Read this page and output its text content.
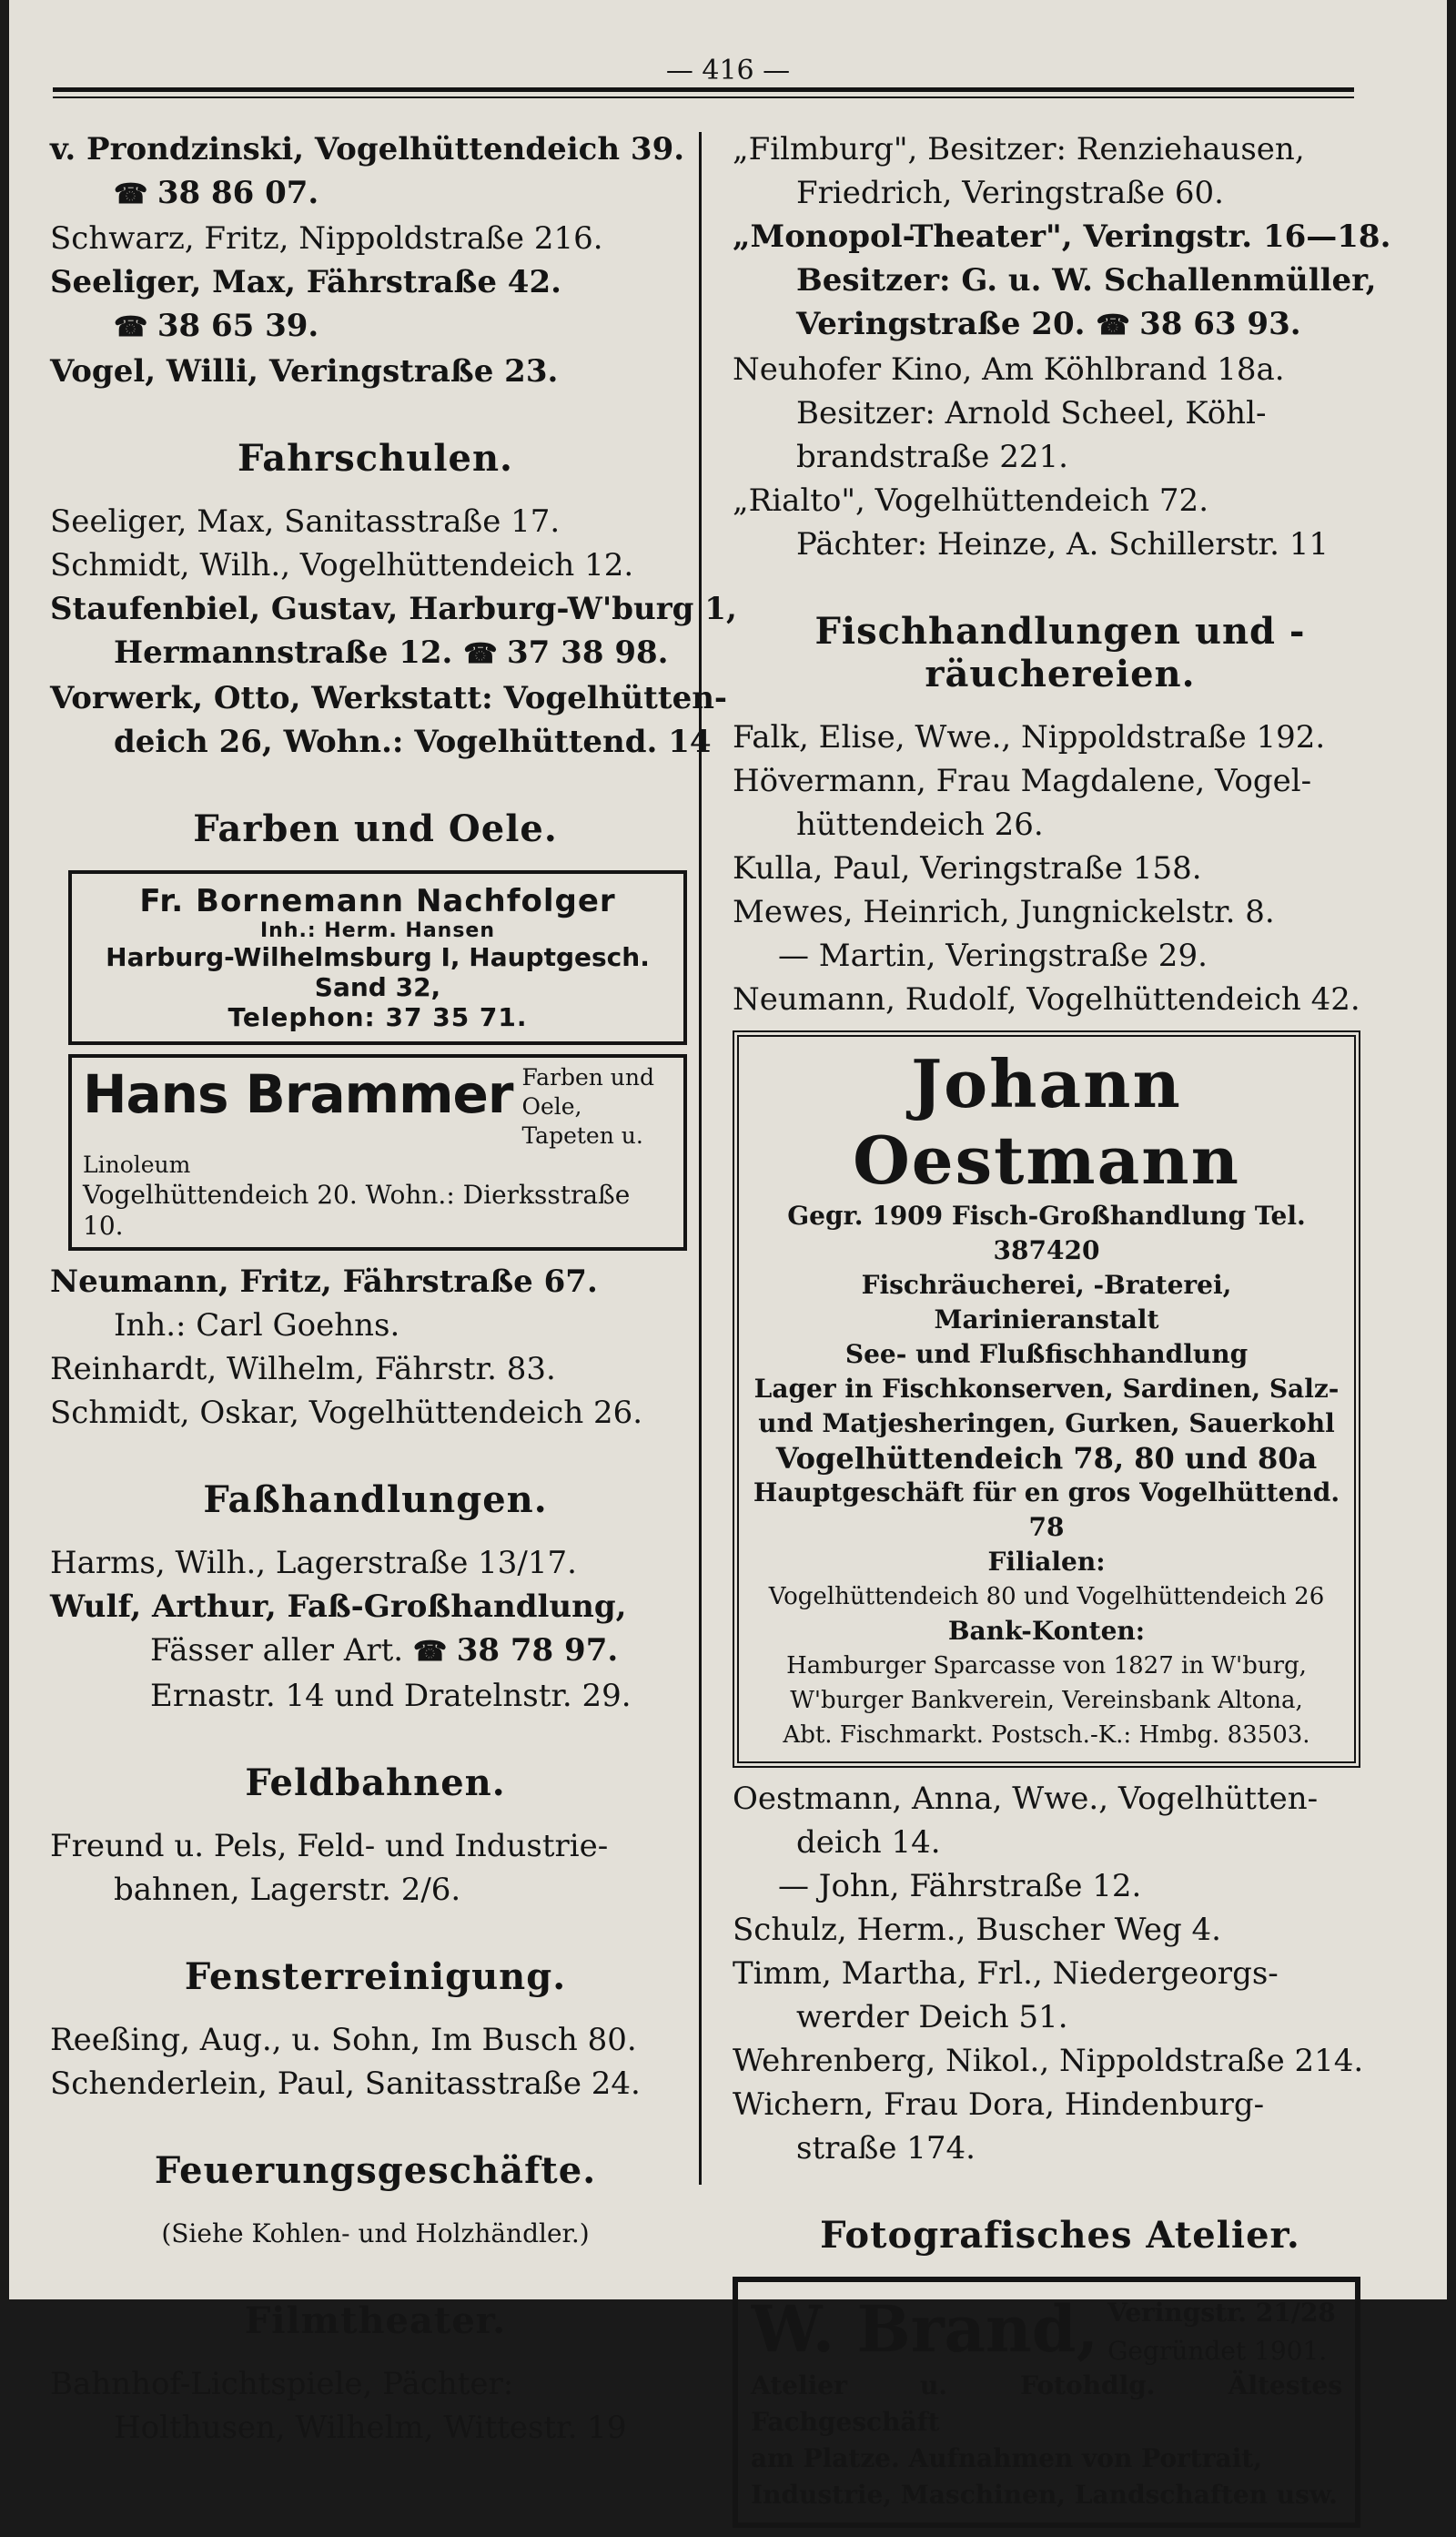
— 416 —
v. Prondzinski, Vogelhüttendeich 39.
☎ 38 86 07.
Schwarz, Fritz, Nippoldstraße 216.
Seeliger, Max, Fährstraße 42.
☎ 38 65 39.
Vogel, Willi, Veringstraße 23.
Fahrschulen.
Seeliger, Max, Sanitasstraße 17.
Schmidt, Wilh., Vogelhüttendeich 12.
Staufenbiel, Gustav, Harburg-W'burg 1,
Hermannstraße 12. ☎ 37 38 98.
Vorwerk, Otto, Werkstatt: Vogelhütten-
deich 26, Wohn.: Vogelhüttend. 14
Farben und Oele.
Fr. Bornemann Nachfolger
Inh.: Herm. Hansen
Harburg-Wilhelmsburg I, Hauptgesch. Sand 32,
Telephon: 37 35 71.
Hans Brammer Farben und Oele,
Tapeten u. Linoleum
Vogelhüttendeich 20. Wohn.: Dierksstraße 10.
Neumann, Fritz, Fährstraße 67.
Inh.: Carl Goehns.
Reinhardt, Wilhelm, Fährstr. 83.
Schmidt, Oskar, Vogelhüttendeich 26.
Faßhandlungen.
Harms, Wilh., Lagerstraße 13/17.
Wulf, Arthur, Faß-Großhandlung,
Fässer aller Art. ☎ 38 78 97.
Ernastr. 14 und Dratelnstr. 29.
Feldbahnen.
Freund u. Pels, Feld- und Industrie-
bahnen, Lagerstr. 2/6.
Fensterreinigung.
Reeßing, Aug., u. Sohn, Im Busch 80.
Schenderlein, Paul, Sanitasstraße 24.
Feuerungsgeschäfte.
(Siehe Kohlen- und Holzhändler.)
Filmtheater.
Bahnhof-Lichtspiele, Pächter:
Holthusen, Wilhelm, Wittestr. 19
„Filmburg", Besitzer: Renziehausen,
Friedrich, Veringstraße 60.
„Monopol-Theater", Veringstr. 16—18.
Besitzer: G. u. W. Schallenmüller,
Veringstraße 20. ☎ 38 63 93.
Neuhofer Kino, Am Köhlbrand 18a.
Besitzer: Arnold Scheel, Köhl-
brandstraße 221.
„Rialto", Vogelhüttendeich 72.
Pächter: Heinze, A. Schillerstr. 11
Fischhandlungen und -räuchereien.
Falk, Elise, Wwe., Nippoldstraße 192.
Hövermann, Frau Magdalene, Vogel-
hüttendeich 26.
Kulla, Paul, Veringstraße 158.
Mewes, Heinrich, Jungnickelstr. 8.
— Martin, Veringstraße 29.
Neumann, Rudolf, Vogelhüttendeich 42.
Johann Oestmann
Gegr. 1909 Fisch-Großhandlung Tel. 387420
Fischräucherei, -Braterei, Marinieranstalt
See- und Flußfischhandlung
Lager in Fischkonserven, Sardinen, Salz-
und Matjesheringen, Gurken, Sauerkohl
Vogelhüttendeich 78, 80 und 80a
Hauptgeschäft für en gros Vogelhüttend. 78
Filialen:
Vogelhüttendeich 80 und Vogelhüttendeich 26
Bank-Konten:
Hamburger Sparcasse von 1827 in W'burg,
W'burger Bankverein, Vereinsbank Altona,
Abt. Fischmarkt. Postsch.-K.: Hmbg. 83503.
Oestmann, Anna, Wwe., Vogelhütten-
deich 14.
— John, Fährstraße 12.
Schulz, Herm., Buscher Weg 4.
Timm, Martha, Frl., Niedergeorgs-
werder Deich 51.
Wehrenberg, Nikol., Nippoldstraße 214.
Wichern, Frau Dora, Hindenburg-
straße 174.
Fotografisches Atelier.
W. Brand, Veringstr. 21/28
Gegründet 1901.
Atelier u. Fotohdlg. Ältestes Fachgeschäft
am Platze. Aufnahmen von Portrait,
Industrie, Maschinen, Landschaften usw.
